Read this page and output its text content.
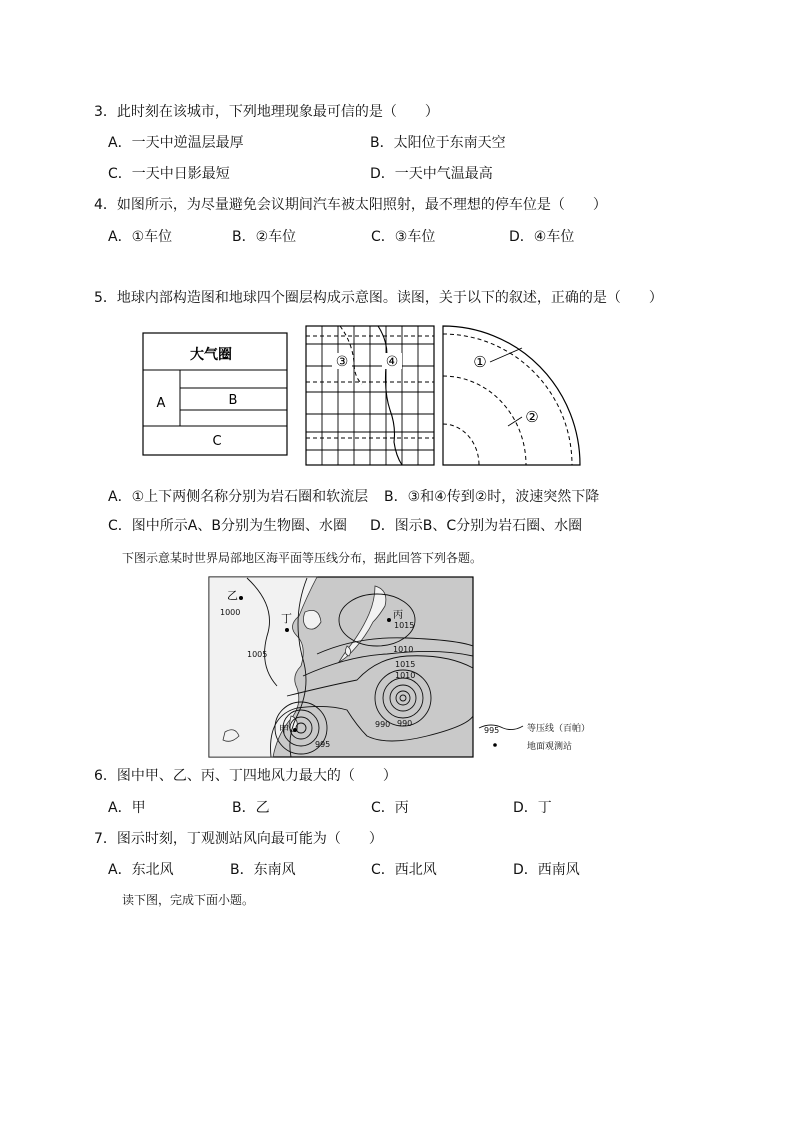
3．此时刻在该城市，下列地理现象最可信的是（　　）
A．一天中逆温层最厚	B．太阳位于东南天空
C．一天中日影最短	D．一天中气温最高
4．如图所示，为尽量避免会议期间汽车被太阳照射，最不理想的停车位是（　　）
A．①车位	B．②车位	C．③车位	D．④车位
5．地球内部构造图和地球四个圈层构成示意图。读图，关于以下的叙述，正确的是（　　）
大气圈
A	B
C
③	④	①
②
A．①上下两侧名称分别为岩石圈和软流层 B．③和④传到②时，波速突然下降
C．图中所示A、B分别为生物圈、水圈 D．图示B、C分别为岩石圈、水圈
下图示意某时世界局部地区海平面等压线分布，据此回答下列各题。
乙
丁	丙
甲
1000
1005
1015
1010
1015
1010
990 990
995
995	等压线（百帕）
地面观测站
6．图中甲、乙、丙、丁四地风力最大的（　　）
A．甲	B．乙	C．丙	D．丁
7．图示时刻，丁观测站风向最可能为（　　）
A．东北风	B．东南风	C．西北风	D．西南风
读下图，完成下面小题。
